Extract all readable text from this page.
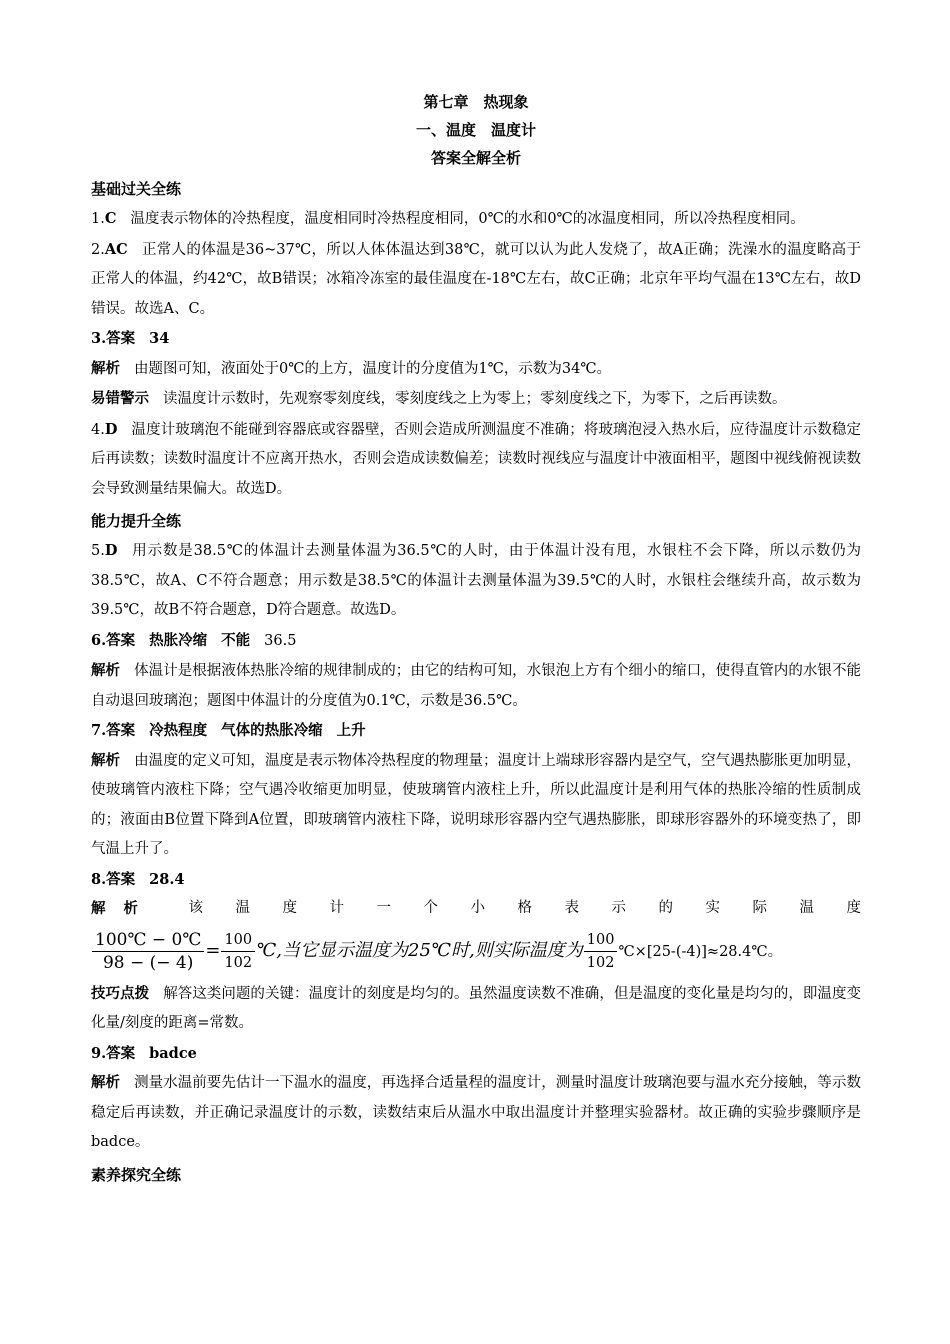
第七章　热现象
一、温度　温度计
答案全解全析
基础过关全练

1.C 温度表示物体的冷热程度，温度相同时冷热程度相同，0℃的水和0℃的冰温度相同，所以冷热程度相同。

2.AC 正常人的体温是36~37℃，所以人体体温达到38℃，就可以认为此人发烧了，故A正确；洗澡水的温度略高于正常人的体温，约42℃，故B错误；冰箱冷冻室的最佳温度在-18℃左右，故C正确；北京年平均气温在13℃左右，故D错误。故选A、C。

3.答案 34

解析 由题图可知，液面处于0℃的上方，温度计的分度值为1℃，示数为34℃。

易错警示 读温度计示数时，先观察零刻度线，零刻度线之上为零上；零刻度线之下，为零下，之后再读数。

4.D 温度计玻璃泡不能碰到容器底或容器壁，否则会造成所测温度不准确；将玻璃泡浸入热水后，应待温度计示数稳定后再读数；读数时温度计不应离开热水，否则会造成读数偏差；读数时视线应与温度计中液面相平，题图中视线俯视读数会导致测量结果偏大。故选D。

能力提升全练

5.D 用示数是38.5℃的体温计去测量体温为36.5℃的人时，由于体温计没有甩，水银柱不会下降，所以示数仍为38.5℃，故A、C不符合题意；用示数是38.5℃的体温计去测量体温为39.5℃的人时，水银柱会继续升高，故示数为39.5℃，故B不符合题意，D符合题意。故选D。

6.答案 热胀冷缩 不能 36.5

解析 体温计是根据液体热胀冷缩的规律制成的；由它的结构可知，水银泡上方有个细小的缩口，使得直管内的水银不能自动退回玻璃泡；题图中体温计的分度值为0.1℃，示数是36.5℃。

7.答案 冷热程度 气体的热胀冷缩 上升

解析 由温度的定义可知，温度是表示物体冷热程度的物理量；温度计上端球形容器内是空气，空气遇热膨胀更加明显，使玻璃管内液柱下降；空气遇冷收缩更加明显，使玻璃管内液柱上升，所以此温度计是利用气体的热胀冷缩的性质制成的；液面由B位置下降到A位置，即玻璃管内液柱下降，说明球形容器内空气遇热膨胀，即球形容器外的环境变热了，即气温上升了。

8.答案 28.4
解析 该 温 度 计 一 个 小 格 表 示 的 实 际 温 度
$\frac{100℃ - 0℃}{98 - (- 4)} = \frac{100}{102}$ ℃,当它显示温度为25℃时,则实际温度为 $\frac{100}{102}$ ℃×[25-(-4)]≈28.4℃。

技巧点拨 解答这类问题的关键：温度计的刻度是均匀的。虽然温度读数不准确，但是温度的变化量是均匀的，即温度变化量/刻度的距离=常数。

9.答案 badce

解析 测量水温前要先估计一下温水的温度，再选择合适量程的温度计，测量时温度计玻璃泡要与温水充分接触，等示数稳定后再读数，并正确记录温度计的示数，读数结束后从温水中取出温度计并整理实验器材。故正确的实验步骤顺序是badce。

素养探究全练
